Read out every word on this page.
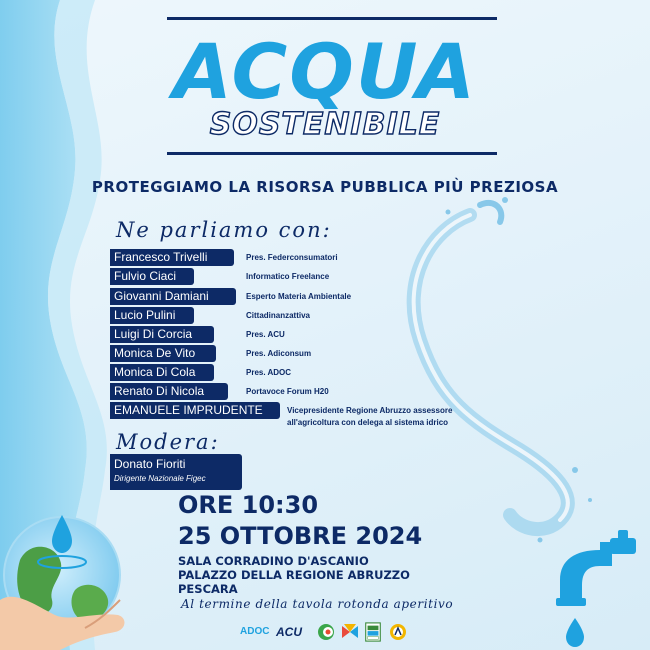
ACQUA
SOSTENIBILE
PROTEGGIAMO LA RISORSA PUBBLICA PIÙ PREZIOSA
Ne parliamo con:
Francesco Trivelli	Pres. Federconsumatori
Fulvio Ciaci	Informatico Freelance
Giovanni Damiani	Esperto Materia Ambientale
Lucio Pulini	Cittadinanzattiva
Luigi Di Corcia	Pres. ACU
Monica De Vito	Pres. Adiconsum
Monica Di Cola	Pres. ADOC
Renato Di Nicola	Portavoce Forum H20
EMANUELE IMPRUDENTE	Vicepresidente Regione Abruzzo assessore
all'agricoltura con delega al sistema idrico
Modera:
Donato Fioriti
Dirigente Nazionale Figec
ORE 10:30
25 OTTOBRE 2024
SALA CORRADINO D'ASCANIO
PALAZZO DELLA REGIONE ABRUZZO
PESCARA
Al termine della tavola rotonda aperitivo
ADOC ACU
